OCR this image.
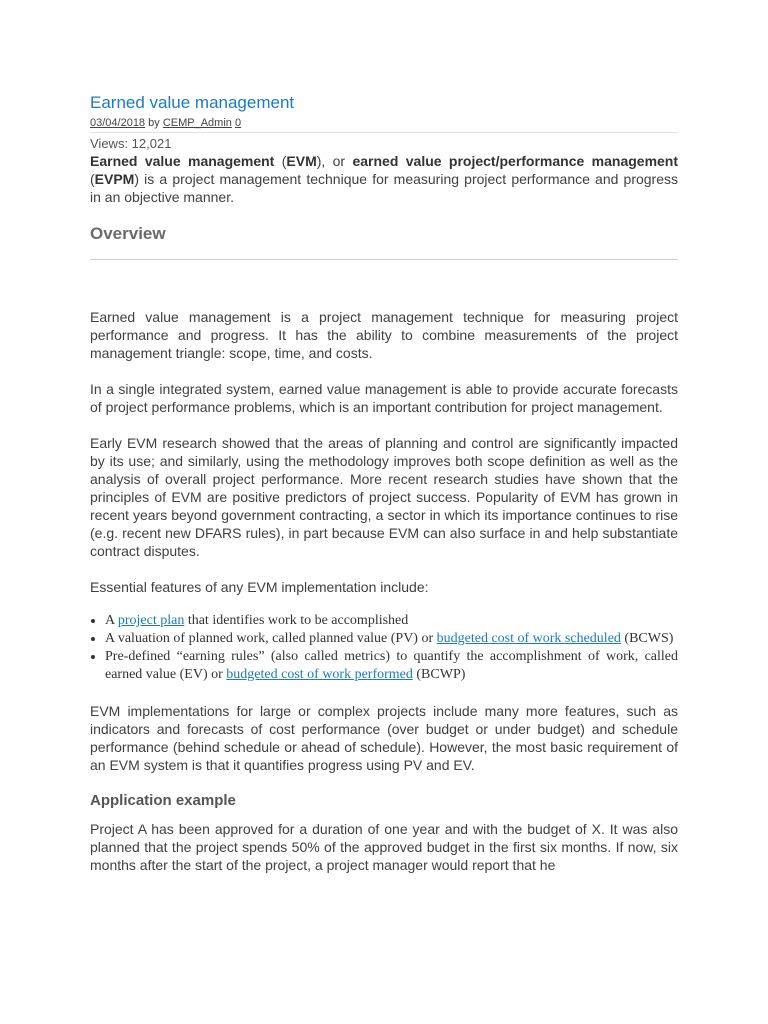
Earned value management
03/04/2018 by CEMP_Admin 0
Views: 12,021

Earned value management (EVM), or earned value project/performance management (EVPM) is a project management technique for measuring project performance and progress in an objective manner.

Overview

Earned value management is a project management technique for measuring project performance and progress. It has the ability to combine measurements of the project management triangle: scope, time, and costs.

In a single integrated system, earned value management is able to provide accurate forecasts of project performance problems, which is an important contribution for project management.

Early EVM research showed that the areas of planning and control are significantly impacted by its use; and similarly, using the methodology improves both scope definition as well as the analysis of overall project performance. More recent research studies have shown that the principles of EVM are positive predictors of project success. Popularity of EVM has grown in recent years beyond government contracting, a sector in which its importance continues to rise (e.g. recent new DFARS rules), in part because EVM can also surface in and help substantiate contract disputes.

Essential features of any EVM implementation include:

• A project plan that identifies work to be accomplished
• A valuation of planned work, called planned value (PV) or budgeted cost of work scheduled (BCWS)
• Pre-defined “earning rules” (also called metrics) to quantify the accomplishment of work, called earned value (EV) or budgeted cost of work performed (BCWP)

EVM implementations for large or complex projects include many more features, such as indicators and forecasts of cost performance (over budget or under budget) and schedule performance (behind schedule or ahead of schedule). However, the most basic requirement of an EVM system is that it quantifies progress using PV and EV.

Application example

Project A has been approved for a duration of one year and with the budget of X. It was also planned that the project spends 50% of the approved budget in the first six months. If now, six months after the start of the project, a project manager would report that he
